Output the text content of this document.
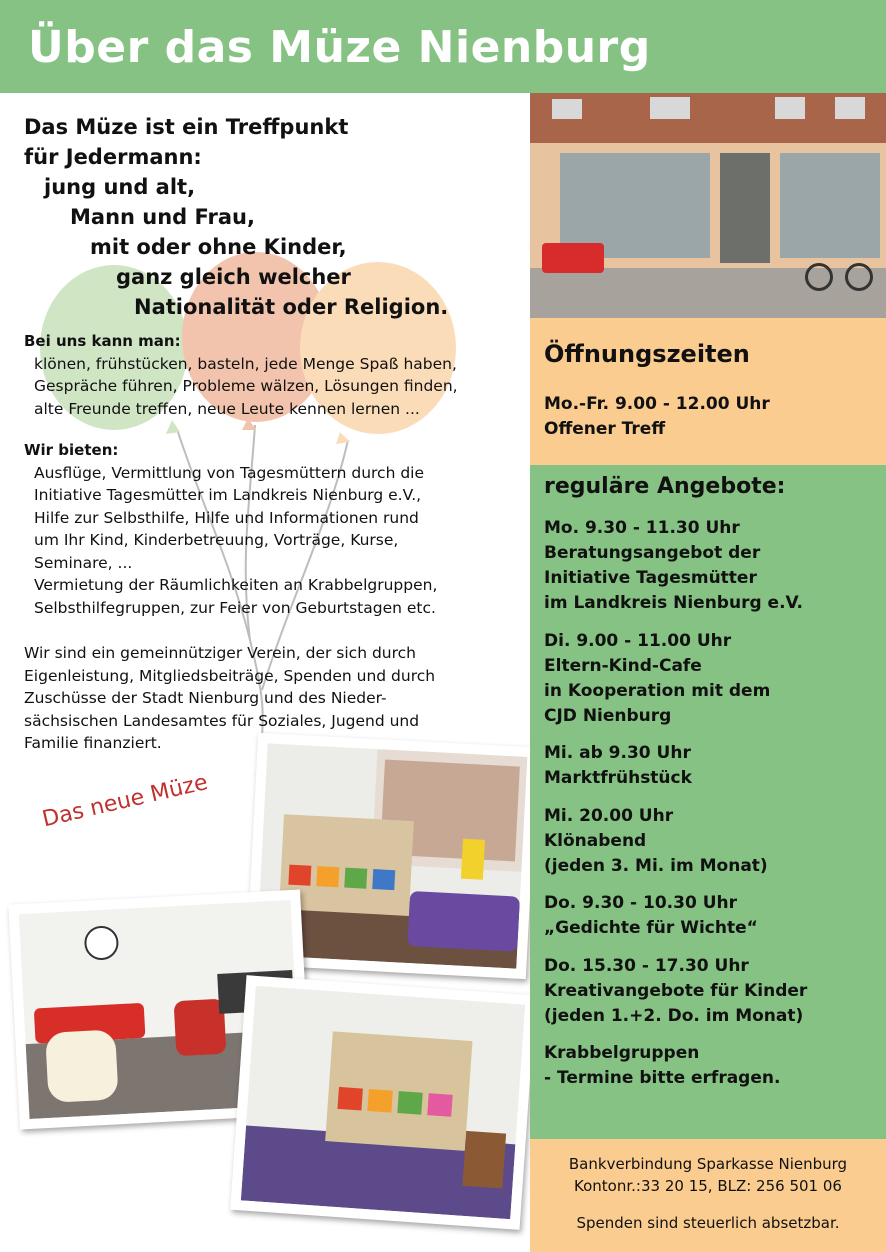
Über das Müze Nienburg
Das Müze ist ein Treffpunkt
für Jedermann:
jung und alt,
Mann und Frau,
mit oder ohne Kinder,
ganz gleich welcher
Nationalität oder Religion.
Bei uns kann man:
klönen, frühstücken, basteln, jede Menge Spaß haben,
Gespräche führen, Probleme wälzen, Lösungen finden,
alte Freunde treffen, neue Leute kennen lernen ...
Wir bieten:
Ausflüge, Vermittlung von Tagesmüttern durch die
Initiative Tagesmütter im Landkreis Nienburg e.V.,
Hilfe zur Selbsthilfe, Hilfe und Informationen rund
um Ihr Kind, Kinderbetreuung, Vorträge, Kurse,
Seminare, ...
Vermietung der Räumlichkeiten an Krabbelgruppen,
Selbsthilfegruppen, zur Feier von Geburtstagen etc.
Wir sind ein gemeinnütziger Verein, der sich durch
Eigenleistung, Mitgliedsbeiträge, Spenden und durch
Zuschüsse der Stadt Nienburg und des Nieder-
sächsischen Landesamtes für Soziales, Jugend und
Familie finanziert.
Das neue Müze
Öffnungszeiten
Mo.-Fr. 9.00 - 12.00 Uhr
Offener Treff
reguläre Angebote:
Mo. 9.30 - 11.30 Uhr
Beratungsangebot der
Initiative Tagesmütter
im Landkreis Nienburg e.V.
Di. 9.00 - 11.00 Uhr
Eltern-Kind-Cafe
in Kooperation mit dem
CJD Nienburg
Mi. ab 9.30 Uhr
Marktfrühstück
Mi. 20.00 Uhr
Klönabend
(jeden 3. Mi. im Monat)
Do. 9.30 - 10.30 Uhr
„Gedichte für Wichte“
Do. 15.30 - 17.30 Uhr
Kreativangebote für Kinder
(jeden 1.+2. Do. im Monat)
Krabbelgruppen
- Termine bitte erfragen.
Bankverbindung Sparkasse Nienburg
Kontonr.:33 20 15, BLZ: 256 501 06
Spenden sind steuerlich absetzbar.
